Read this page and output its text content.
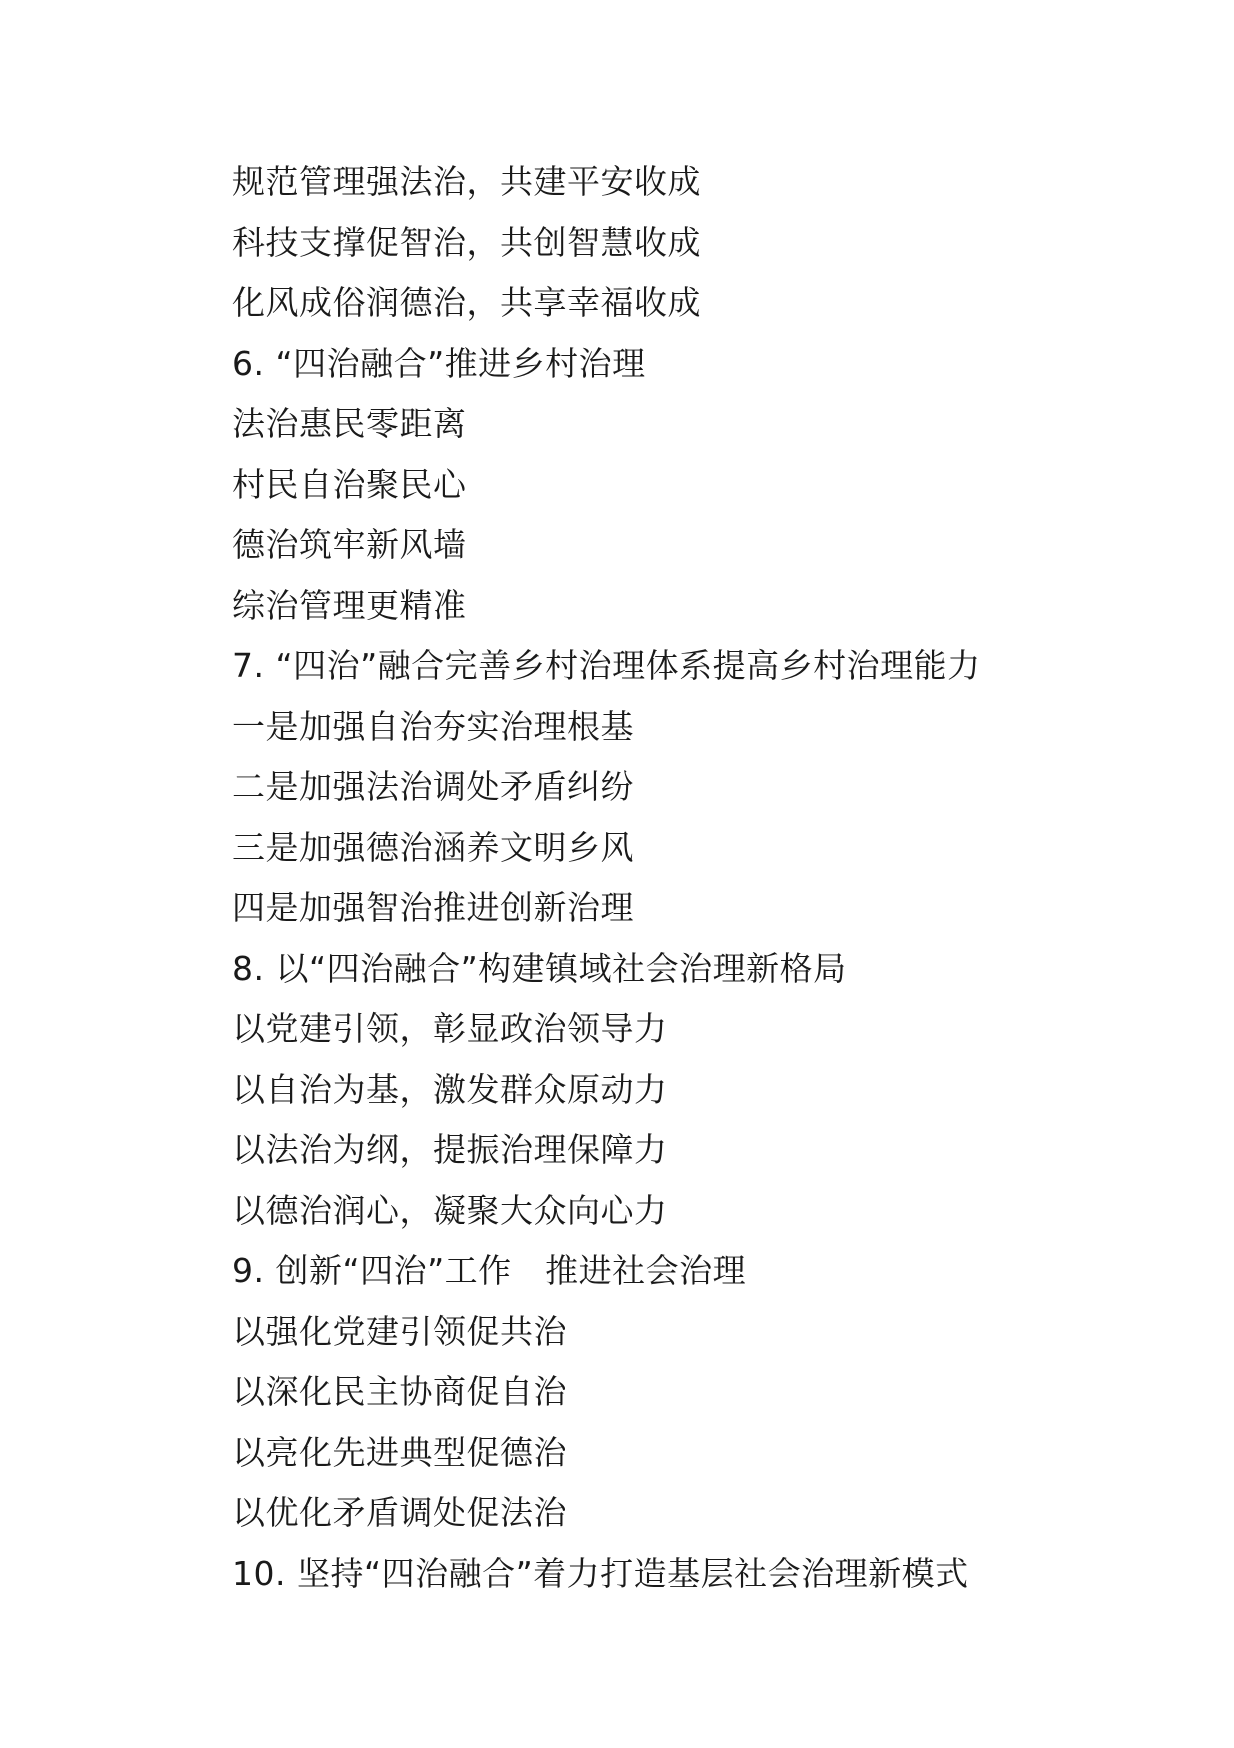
规范管理强法治，共建平安收成
科技支撑促智治，共创智慧收成
化风成俗润德治，共享幸福收成
6. “四治融合”推进乡村治理
法治惠民零距离
村民自治聚民心
德治筑牢新风墙
综治管理更精准
7. “四治”融合完善乡村治理体系提高乡村治理能力
一是加强自治夯实治理根基
二是加强法治调处矛盾纠纷
三是加强德治涵养文明乡风
四是加强智治推进创新治理
8. 以“四治融合”构建镇域社会治理新格局
以党建引领，彰显政治领导力
以自治为基，激发群众原动力
以法治为纲，提振治理保障力
以德治润心，凝聚大众向心力
9. 创新“四治”工作　推进社会治理
以强化党建引领促共治
以深化民主协商促自治
以亮化先进典型促德治
以优化矛盾调处促法治
10. 坚持“四治融合”着力打造基层社会治理新模式
